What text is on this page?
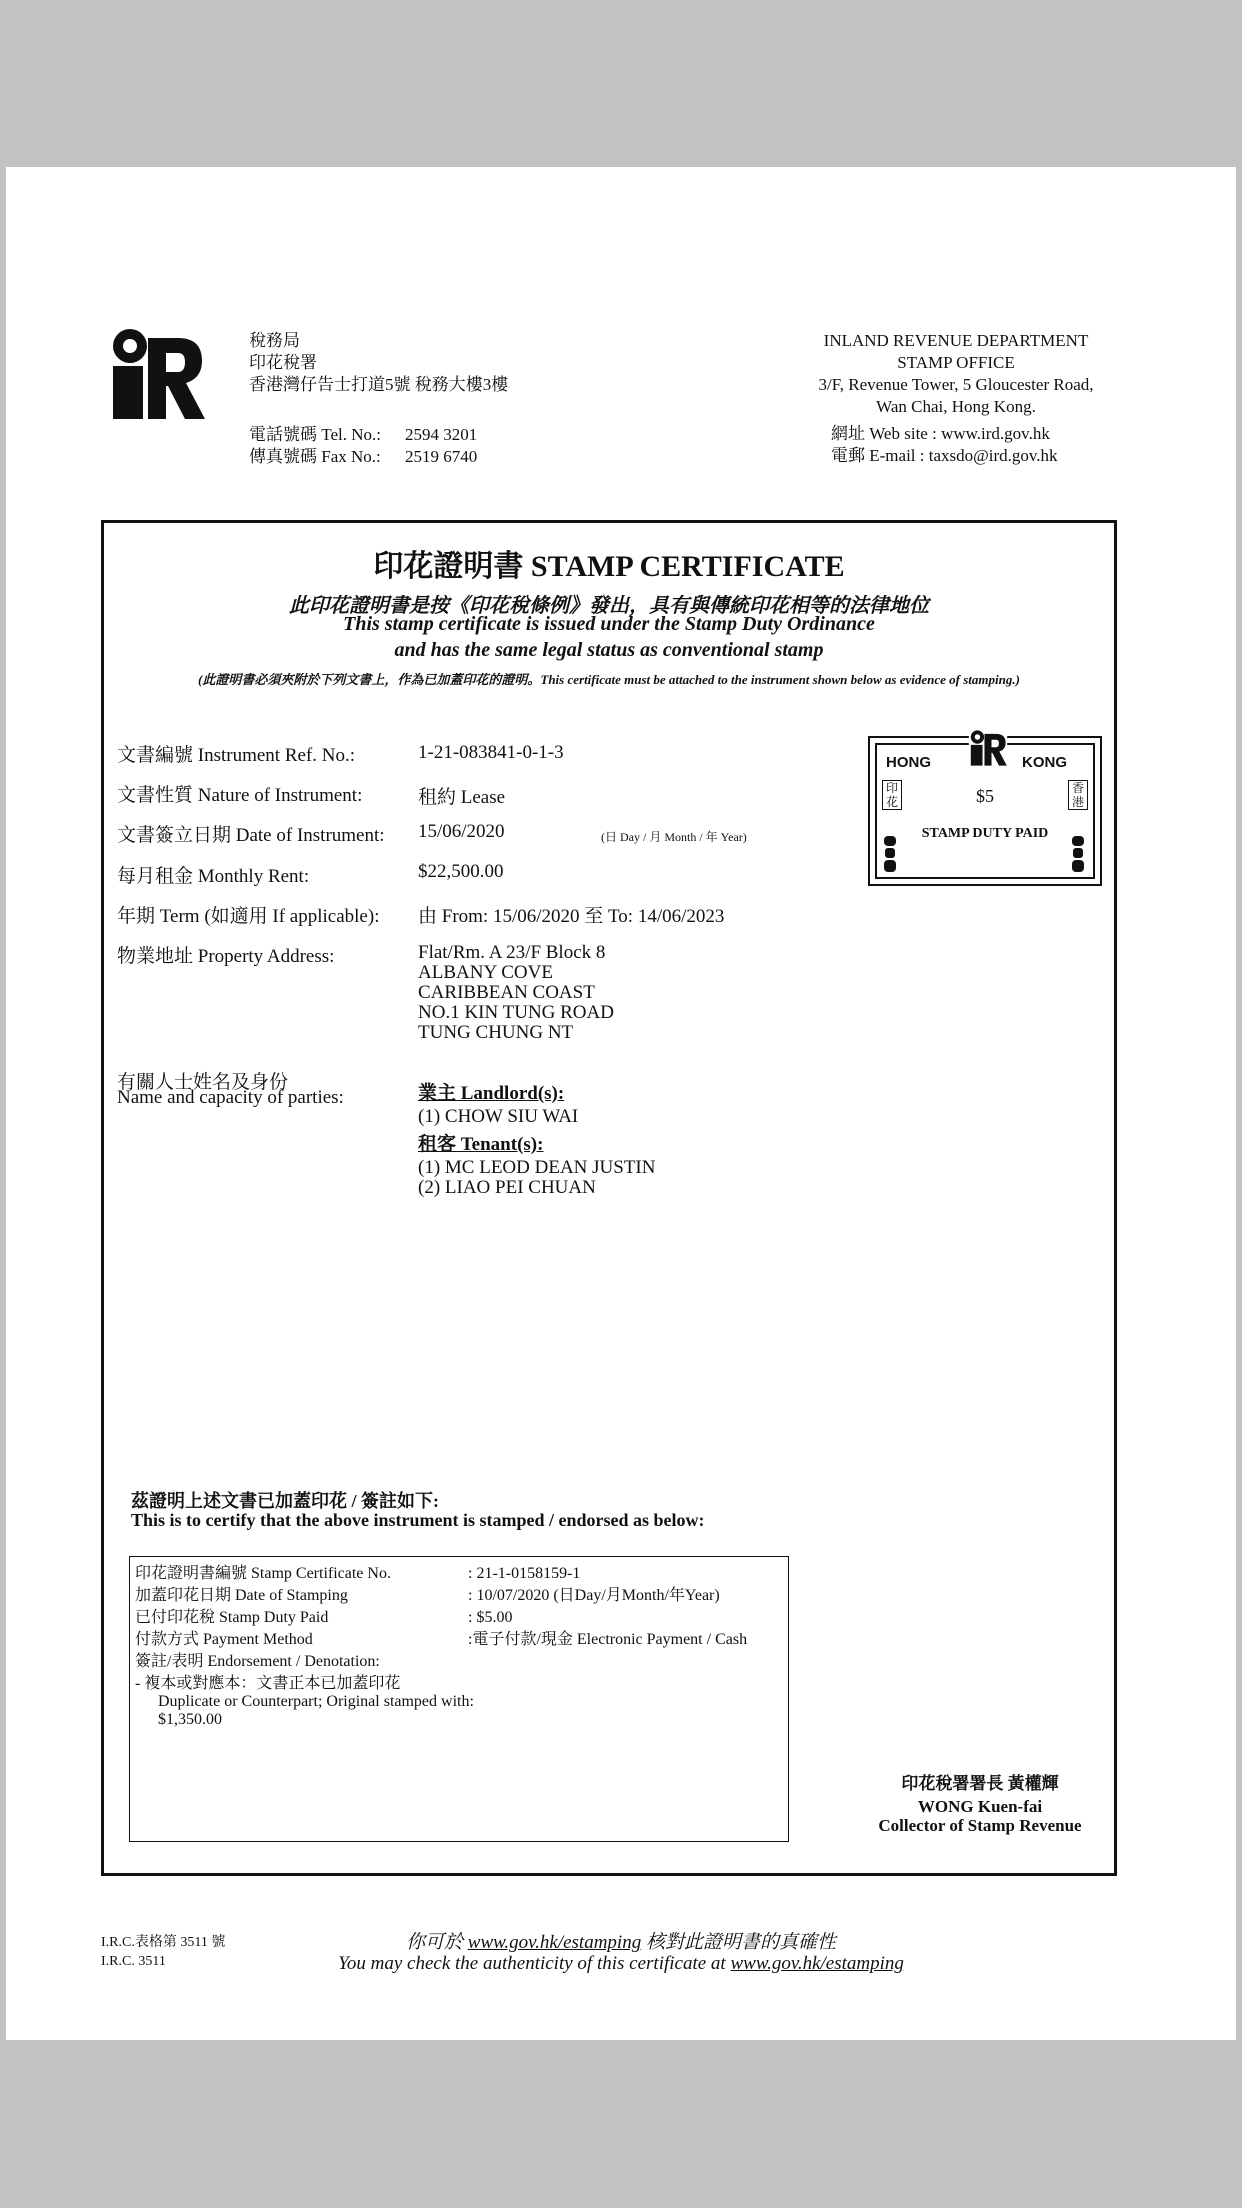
稅務局
印花稅署
香港灣仔告士打道5號 稅務大樓3樓
電話號碼 Tel. No.: 2594 3201
傳真號碼 Fax No.: 2519 6740
INLAND REVENUE DEPARTMENT
STAMP OFFICE
3/F, Revenue Tower, 5 Gloucester Road,
Wan Chai, Hong Kong.
網址 Web site : www.ird.gov.hk
電郵 E-mail : taxsdo@ird.gov.hk
印花證明書 STAMP CERTIFICATE
此印花證明書是按《印花稅條例》發出，具有與傳統印花相等的法律地位
This stamp certificate is issued under the Stamp Duty Ordinance
and has the same legal status as conventional stamp
(此證明書必須夾附於下列文書上，作為已加蓋印花的證明。This certificate must be attached to the instrument shown below as evidence of stamping.)
文書編號 Instrument Ref. No.:	1-21-083841-0-1-3
文書性質 Nature of Instrument:	租約 Lease
文書簽立日期 Date of Instrument: 15/06/2020	(日 Day / 月 Month / 年 Year)
每月租金 Monthly Rent:	$22,500.00
年期 Term (如適用 If applicable): 由 From: 15/06/2020 至 To: 14/06/2023
物業地址 Property Address:	Flat/Rm. A 23/F Block 8
ALBANY COVE
CARIBBEAN COAST
NO.1 KIN TUNG ROAD
TUNG CHUNG NT
有關人士姓名及身份
Name and capacity of parties:	業主 Landlord(s):
(1) CHOW SIU WAI
租客 Tenant(s):
(1) MC LEOD DEAN JUSTIN
(2) LIAO PEI CHUAN
HONG	KONG
印花
香港
$5
STAMP DUTY PAID
茲證明上述文書已加蓋印花 / 簽註如下:
This is to certify that the above instrument is stamped / endorsed as below:
印花證明書編號 Stamp Certificate No.	: 21-1-0158159-1
加蓋印花日期 Date of Stamping	: 10/07/2020 (日Day/月Month/年Year)
已付印花稅 Stamp Duty Paid	: $5.00
付款方式 Payment Method	:電子付款/現金 Electronic Payment / Cash
簽註/表明 Endorsement / Denotation:
- 複本或對應本：文書正本已加蓋印花
Duplicate or Counterpart; Original stamped with:
$1,350.00
印花稅署署長 黃權輝
WONG Kuen-fai
Collector of Stamp Revenue
I.R.C.表格第 3511 號
I.R.C. 3511
你可於 www.gov.hk/estamping 核對此證明書的真確性
You may check the authenticity of this certificate at www.gov.hk/estamping
